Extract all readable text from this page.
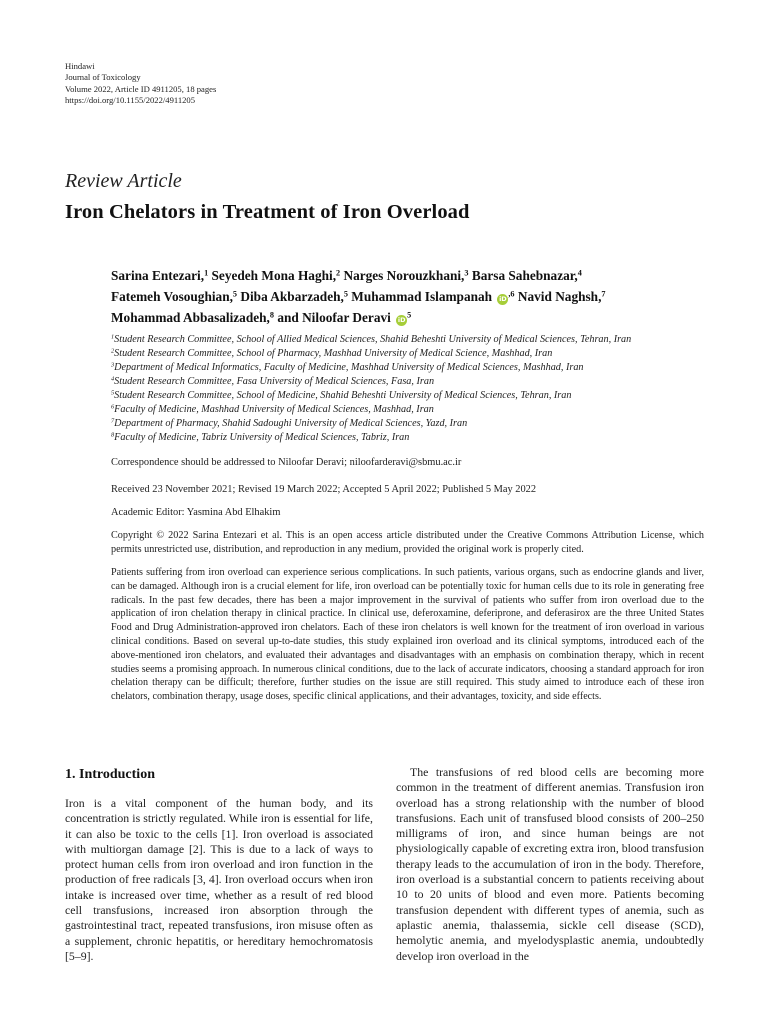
Hindawi
Journal of Toxicology
Volume 2022, Article ID 4911205, 18 pages
https://doi.org/10.1155/2022/4911205
Review Article
Iron Chelators in Treatment of Iron Overload
Sarina Entezari,$^1$ Seyedeh Mona Haghi,$^2$ Narges Norouzkhani,$^3$ Barsa Sahebnazar,$^4$
Fatemeh Vosoughian,$^5$ Diba Akbarzadeh,$^5$ Muhammad Islampanah $iD^{,6}$ Navid Naghsh,$^7$
Mohammad Abbasalizadeh,$^8$ and Niloofar Deravi $iD^5$
$^1$Student Research Committee, School of Allied Medical Sciences, Shahid Beheshti University of Medical Sciences, Tehran, Iran
$^2$Student Research Committee, School of Pharmacy, Mashhad University of Medical Science, Mashhad, Iran
$^3$Department of Medical Informatics, Faculty of Medicine, Mashhad University of Medical Sciences, Mashhad, Iran
$^4$Student Research Committee, Fasa University of Medical Sciences, Fasa, Iran
$^5$Student Research Committee, School of Medicine, Shahid Beheshti University of Medical Sciences, Tehran, Iran
$^6$Faculty of Medicine, Mashhad University of Medical Sciences, Mashhad, Iran
$^7$Department of Pharmacy, Shahid Sadoughi University of Medical Sciences, Yazd, Iran
$^8$Faculty of Medicine, Tabriz University of Medical Sciences, Tabriz, Iran
Correspondence should be addressed to Niloofar Deravi; niloofarderavi@sbmu.ac.ir
Received 23 November 2021; Revised 19 March 2022; Accepted 5 April 2022; Published 5 May 2022
Academic Editor: Yasmina Abd Elhakim
Copyright © 2022 Sarina Entezari et al. This is an open access article distributed under the Creative Commons Attribution License, which permits unrestricted use, distribution, and reproduction in any medium, provided the original work is properly cited.
Patients suffering from iron overload can experience serious complications. In such patients, various organs, such as endocrine glands and liver, can be damaged. Although iron is a crucial element for life, iron overload can be potentially toxic for human cells due to its role in generating free radicals. In the past few decades, there has been a major improvement in the survival of patients who suffer from iron overload due to the application of iron chelation therapy in clinical practice. In clinical use, deferoxamine, deferiprone, and deferasirox are the three United States Food and Drug Administration-approved iron chelators. Each of these iron chelators is well known for the treatment of iron overload in various clinical conditions. Based on several up-to-date studies, this study explained iron overload and its clinical symptoms, introduced each of the above-mentioned iron chelators, and evaluated their advantages and disadvantages with an emphasis on combination therapy, which in recent studies seems a promising approach. In numerous clinical conditions, due to the lack of accurate indicators, choosing a standard approach for iron chelation therapy can be difficult; therefore, further studies on the issue are still required. This study aimed to introduce each of these iron chelators, combination therapy, usage doses, specific clinical applications, and their advantages, toxicity, and side effects.
1. Introduction

Iron is a vital component of the human body, and its concentration is strictly regulated. While iron is essential for life, it can also be toxic to the cells [1]. Iron overload is associated with multiorgan damage [2]. This is due to a lack of ways to protect human cells from iron overload and iron function in the production of free radicals [3, 4]. Iron overload occurs when iron intake is increased over time, whether as a result of red blood cell transfusions, increased iron absorption through the gastrointestinal tract, repeated transfusions, iron misuse often as a supplement, chronic hepatitis, or hereditary hemochromatosis [5–9].

The transfusions of red blood cells are becoming more common in the treatment of different anemias. Transfusion iron overload has a strong relationship with the number of blood transfusions. Each unit of transfused blood consists of 200–250 milligrams of iron, and since human beings are not physiologically capable of excreting extra iron, blood transfusion therapy leads to the accumulation of iron in the body. Therefore, iron overload is a substantial concern to patients receiving about 10 to 20 units of blood and even more. Patients becoming transfusion dependent with different types of anemia, such as aplastic anemia, thalassemia, sickle cell disease (SCD), hemolytic anemia, and myelodysplastic anemia, undoubtedly develop iron overload in the
